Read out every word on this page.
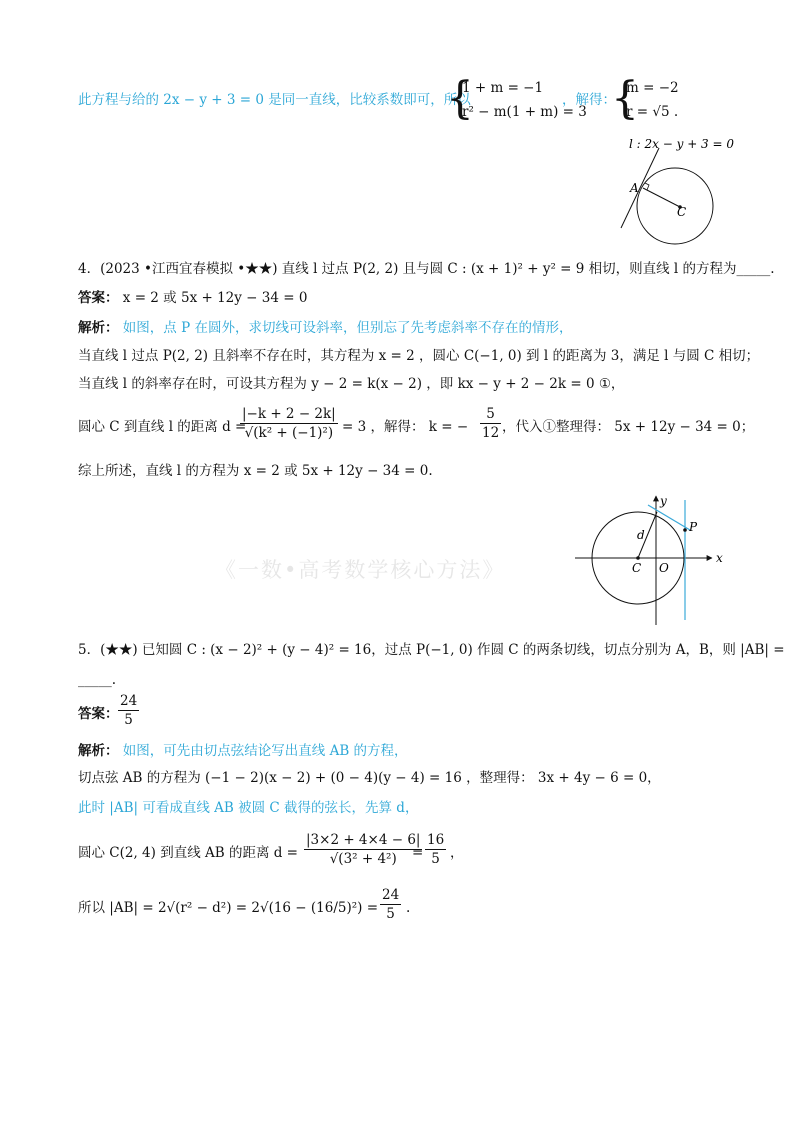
此方程与给的 2x − y + 3 = 0 是同一直线，比较系数即可，所以
{
1 + m = −1
r² − m(1 + m) = 3
，解得：
{
m = −2
r = √5 .
l : 2x − y + 3 = 0
A
C
4．(2023 •江西宜春模拟 •★★) 直线 l 过点 P(2, 2) 且与圆 C : (x + 1)² + y² = 9 相切，则直线 l 的方程为_____.
答案： x = 2 或 5x + 12y − 34 = 0
解析： 如图，点 P 在圆外，求切线可设斜率，但别忘了先考虑斜率不存在的情形，
当直线 l 过点 P(2, 2) 且斜率不存在时，其方程为 x = 2 ，圆心 C(−1, 0) 到 l 的距离为 3，满足 l 与圆 C 相切；
当直线 l 的斜率存在时，可设其方程为 y − 2 = k(x − 2) ，即 kx − y + 2 − 2k = 0 ①，
圆心 C 到直线 l 的距离 d =
|−k + 2 − 2k|
√(k² + (−1)²) = 3 ，解得： k = −
5
12 ，代入①整理得： 5x + 12y − 34 = 0；
综上所述，直线 l 的方程为 x = 2 或 5x + 12y − 34 = 0.
x
y
P
d
C O
《一数•高考数学核心方法》
5．(★★) 已知圆 C : (x − 2)² + (y − 4)² = 16，过点 P(−1, 0) 作圆 C 的两条切线，切点分别为 A，B，则 |AB| =
_____.
答案：
24
5
解析： 如图，可先由切点弦结论写出直线 AB 的方程，
切点弦 AB 的方程为 (−1 − 2)(x − 2) + (0 − 4)(y − 4) = 16 ，整理得： 3x + 4y − 6 = 0，
此时 |AB| 可看成直线 AB 被圆 C 截得的弦长，先算 d，
圆心 C(2, 4) 到直线 AB 的距离 d =
|3×2 + 4×4 − 6|
√(3² + 4²)	=
16
5 ，
所以 |AB| = 2√(r² − d²) = 2√(16 − (16/5)²) =
24
5 .
